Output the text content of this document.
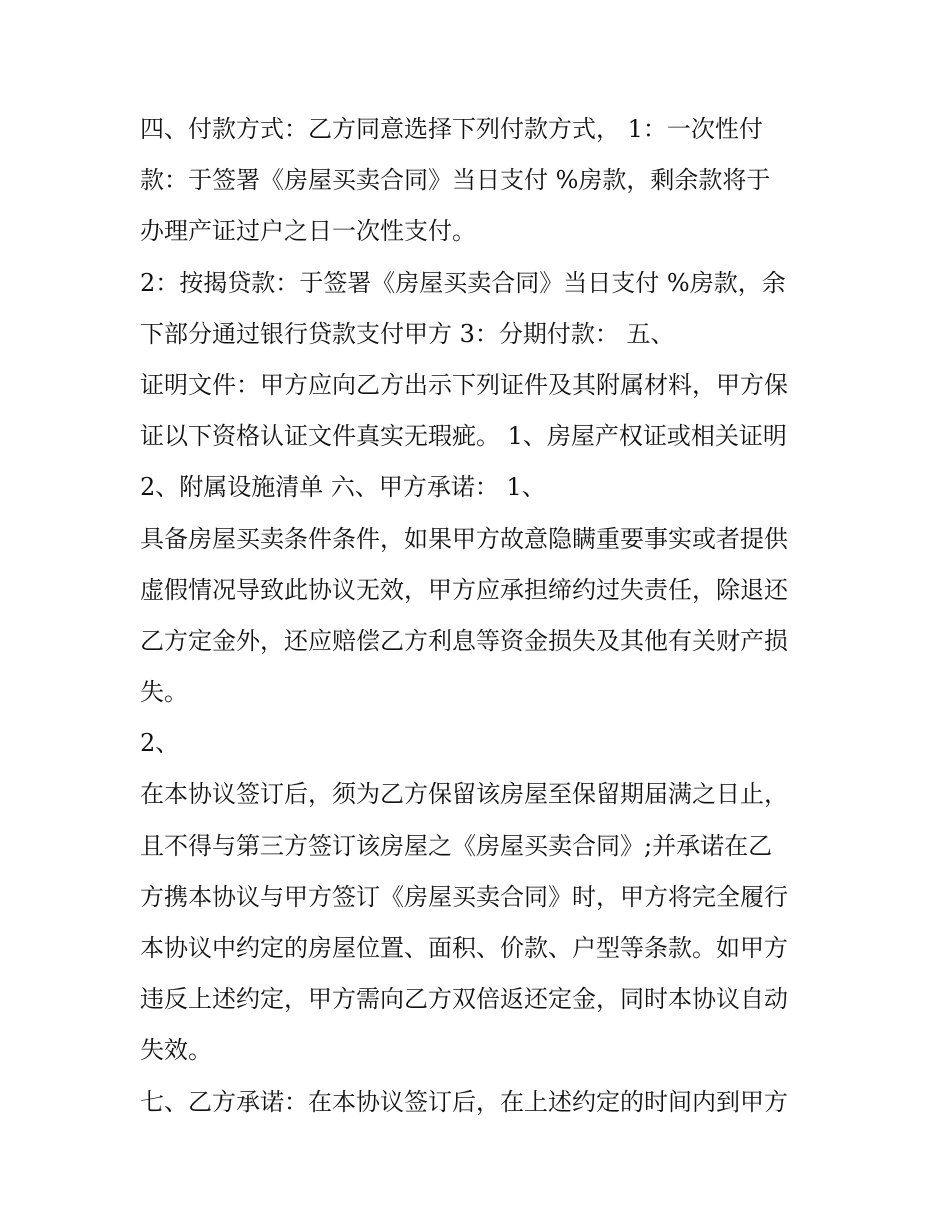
四、付款方式：乙方同意选择下列付款方式， 1：一次性付
款：于签署《房屋买卖合同》当日支付 %房款，剩余款将于
办理产证过户之日一次性支付。
2：按揭贷款：于签署《房屋买卖合同》当日支付 %房款，余
下部分通过银行贷款支付甲方 3：分期付款： 五、
证明文件：甲方应向乙方出示下列证件及其附属材料，甲方保
证以下资格认证文件真实无瑕疵。 1、房屋产权证或相关证明
2、附属设施清单 六、甲方承诺： 1、
具备房屋买卖条件条件，如果甲方故意隐瞒重要事实或者提供
虚假情况导致此协议无效，甲方应承担缔约过失责任，除退还
乙方定金外，还应赔偿乙方利息等资金损失及其他有关财产损
失。
2、
在本协议签订后，须为乙方保留该房屋至保留期届满之日止，
且不得与第三方签订该房屋之《房屋买卖合同》;并承诺在乙
方携本协议与甲方签订《房屋买卖合同》时，甲方将完全履行
本协议中约定的房屋位置、面积、价款、户型等条款。如甲方
违反上述约定，甲方需向乙方双倍返还定金，同时本协议自动
失效。
七、乙方承诺：在本协议签订后，在上述约定的时间内到甲方
